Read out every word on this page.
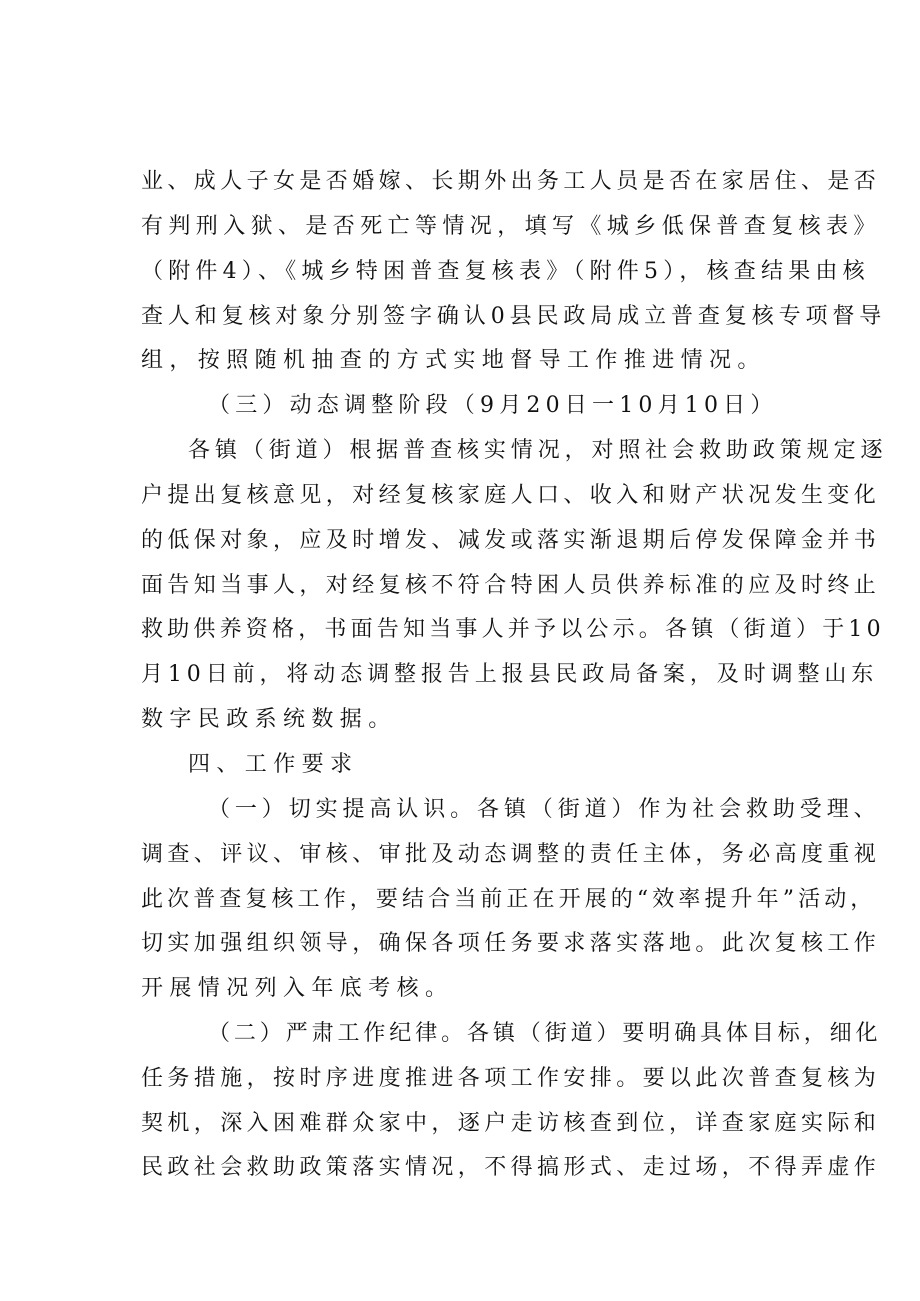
业、成人子女是否婚嫁、长期外出务工人员是否在家居住、是否
有判刑入狱、是否死亡等情况，填写《城乡低保普查复核表》
（附件4）、《城乡特困普查复核表》（附件5），核查结果由核
查人和复核对象分别签字确认0县民政局成立普查复核专项督导
组，按照随机抽查的方式实地督导工作推进情况。
（三）动态调整阶段（9月20日一10月10日）
各镇（街道）根据普查核实情况，对照社会救助政策规定逐
户提出复核意见，对经复核家庭人口、收入和财产状况发生变化
的低保对象，应及时增发、减发或落实渐退期后停发保障金并书
面告知当事人，对经复核不符合特困人员供养标准的应及时终止
救助供养资格，书面告知当事人并予以公示。各镇（街道）于10
月10日前，将动态调整报告上报县民政局备案，及时调整山东
数字民政系统数据。
四、工作要求
（一）切实提高认识。各镇（街道）作为社会救助受理、
调查、评议、审核、审批及动态调整的责任主体，务必高度重视
此次普查复核工作，要结合当前正在开展的“效率提升年”活动，
切实加强组织领导，确保各项任务要求落实落地。此次复核工作
开展情况列入年底考核。
（二）严肃工作纪律。各镇（街道）要明确具体目标，细化
任务措施，按时序进度推进各项工作安排。要以此次普查复核为
契机，深入困难群众家中，逐户走访核查到位，详查家庭实际和
民政社会救助政策落实情况，不得搞形式、走过场，不得弄虚作
